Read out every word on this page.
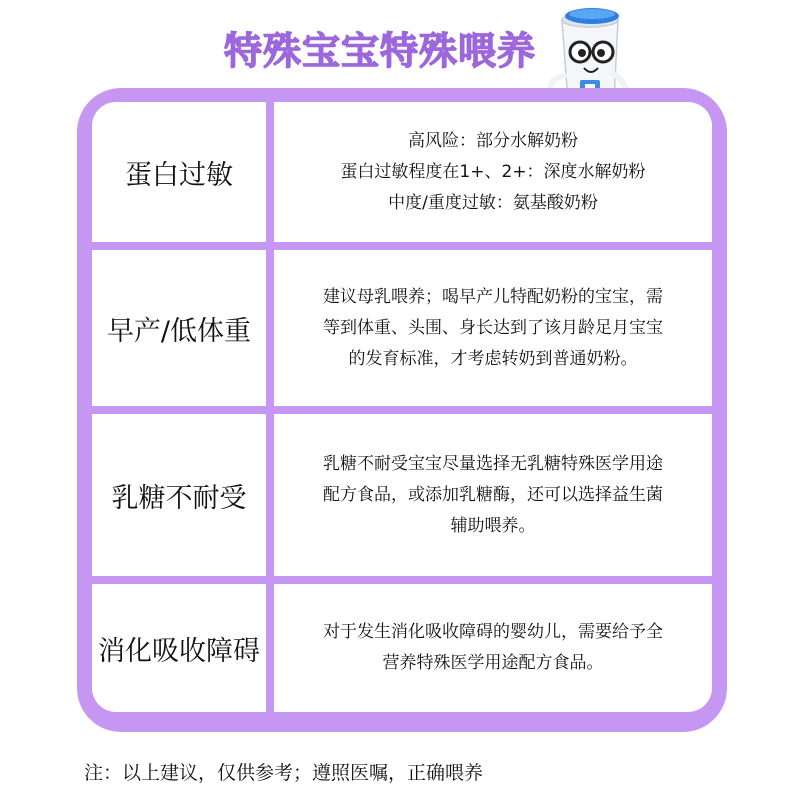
特殊宝宝特殊喂养
蛋白过敏
高风险：部分水解奶粉
蛋白过敏程度在1+、2+：深度水解奶粉
中度/重度过敏：氨基酸奶粉
早产/低体重
建议母乳喂养；喝早产儿特配奶粉的宝宝，需
等到体重、头围、身长达到了该月龄足月宝宝
的发育标准，才考虑转奶到普通奶粉。
乳糖不耐受
乳糖不耐受宝宝尽量选择无乳糖特殊医学用途
配方食品，或添加乳糖酶，还可以选择益生菌
辅助喂养。
消化吸收障碍
对于发生消化吸收障碍的婴幼儿，需要给予全
营养特殊医学用途配方食品。
注：以上建议，仅供参考；遵照医嘱，正确喂养
